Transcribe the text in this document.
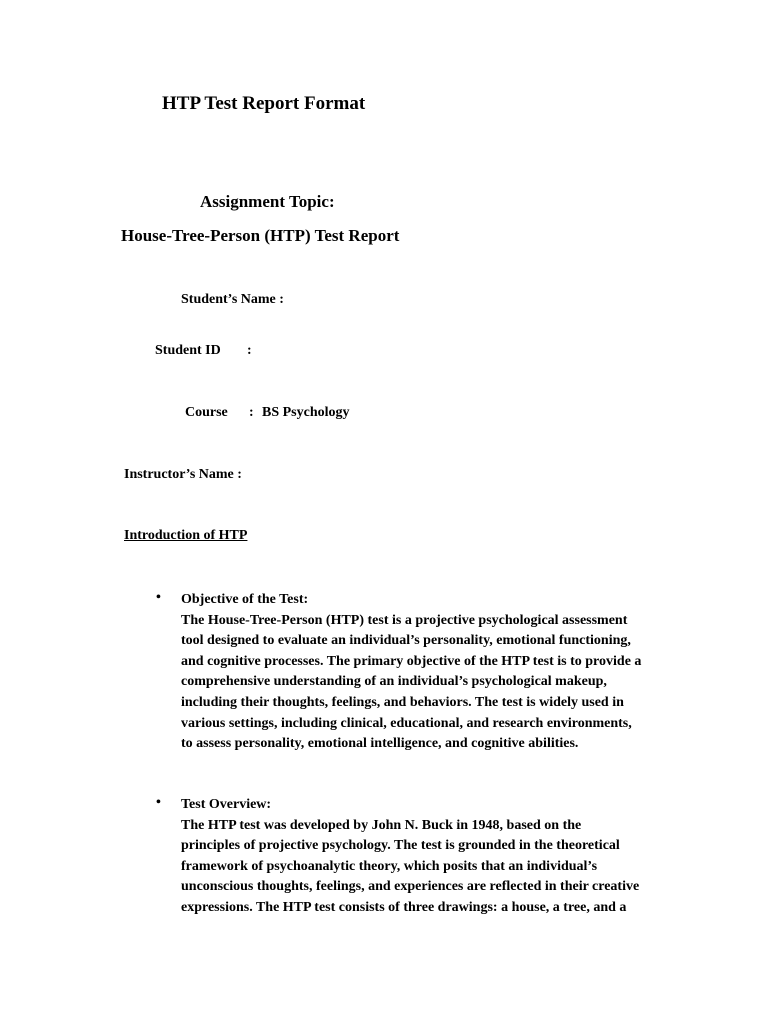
HTP Test Report Format
Assignment Topic:
House-Tree-Person (HTP) Test Report
Student’s Name :
Student ID :
Course : BS Psychology
Instructor’s Name :
Introduction of HTP
• Objective of the Test:
The House-Tree-Person (HTP) test is a projective psychological assessment
tool designed to evaluate an individual’s personality, emotional functioning,
and cognitive processes. The primary objective of the HTP test is to provide a
comprehensive understanding of an individual’s psychological makeup,
including their thoughts, feelings, and behaviors. The test is widely used in
various settings, including clinical, educational, and research environments,
to assess personality, emotional intelligence, and cognitive abilities.
• Test Overview:
The HTP test was developed by John N. Buck in 1948, based on the
principles of projective psychology. The test is grounded in the theoretical
framework of psychoanalytic theory, which posits that an individual’s
unconscious thoughts, feelings, and experiences are reflected in their creative
expressions. The HTP test consists of three drawings: a house, a tree, and a
